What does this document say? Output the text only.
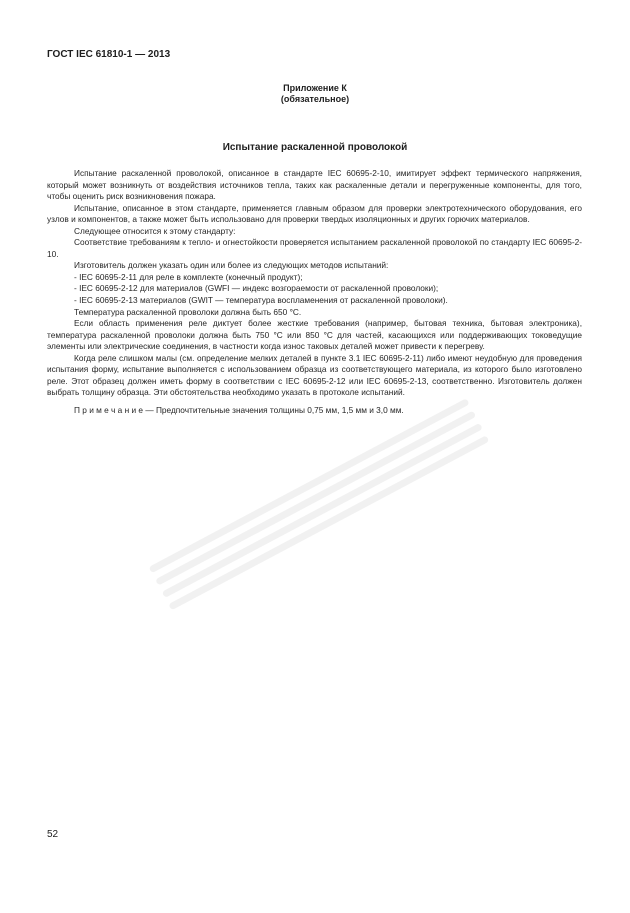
ГОСТ IEC 61810-1 — 2013
Приложение К
(обязательное)
Испытание раскаленной проволокой

Испытание раскаленной проволокой, описанное в стандарте IEC 60695-2-10, имитирует эффект термического напряжения, который может возникнуть от воздействия источников тепла, таких как раскаленные детали и перегруженные компоненты, для того, чтобы оценить риск возникновения пожара.

Испытание, описанное в этом стандарте, применяется главным образом для проверки электротехнического оборудования, его узлов и компонентов, а также может быть использовано для проверки твердых изоляционных и других горючих материалов.

Следующее относится к этому стандарту:

Соответствие требованиям к тепло- и огнестойкости проверяется испытанием раскаленной проволокой по стандарту IEC 60695-2-10.

Изготовитель должен указать один или более из следующих методов испытаний:

- IEC 60695-2-11 для реле в комплекте (конечный продукт);

- IEC 60695-2-12 для материалов (GWFI — индекс возгораемости от раскаленной проволоки);

- IEC 60695-2-13 материалов (GWIT — температура воспламенения от раскаленной проволоки).

Температура раскаленной проволоки должна быть 650 °С.

Если область применения реле диктует более жесткие требования (например, бытовая техника, бытовая электроника), температура раскаленной проволоки должна быть 750 °С или 850 °С для частей, касающихся или поддерживающих токоведущие элементы или электрические соединения, в частности когда износ таковых деталей может привести к перегреву.

Когда реле слишком малы (см. определение мелких деталей в пункте 3.1 IEC 60695-2-11) либо имеют неудобную для проведения испытания форму, испытание выполняется с использованием образца из соответствующего материала, из которого было изготовлено реле. Этот образец должен иметь форму в соответствии с IEC 60695-2-12 или IEC 60695-2-13, соответственно. Изготовитель должен выбрать толщину образца. Эти обстоятельства необходимо указать в протоколе испытаний.

П р и м е ч а н и е — Предпочтительные значения толщины 0,75 мм, 1,5 мм и 3,0 мм.

52
